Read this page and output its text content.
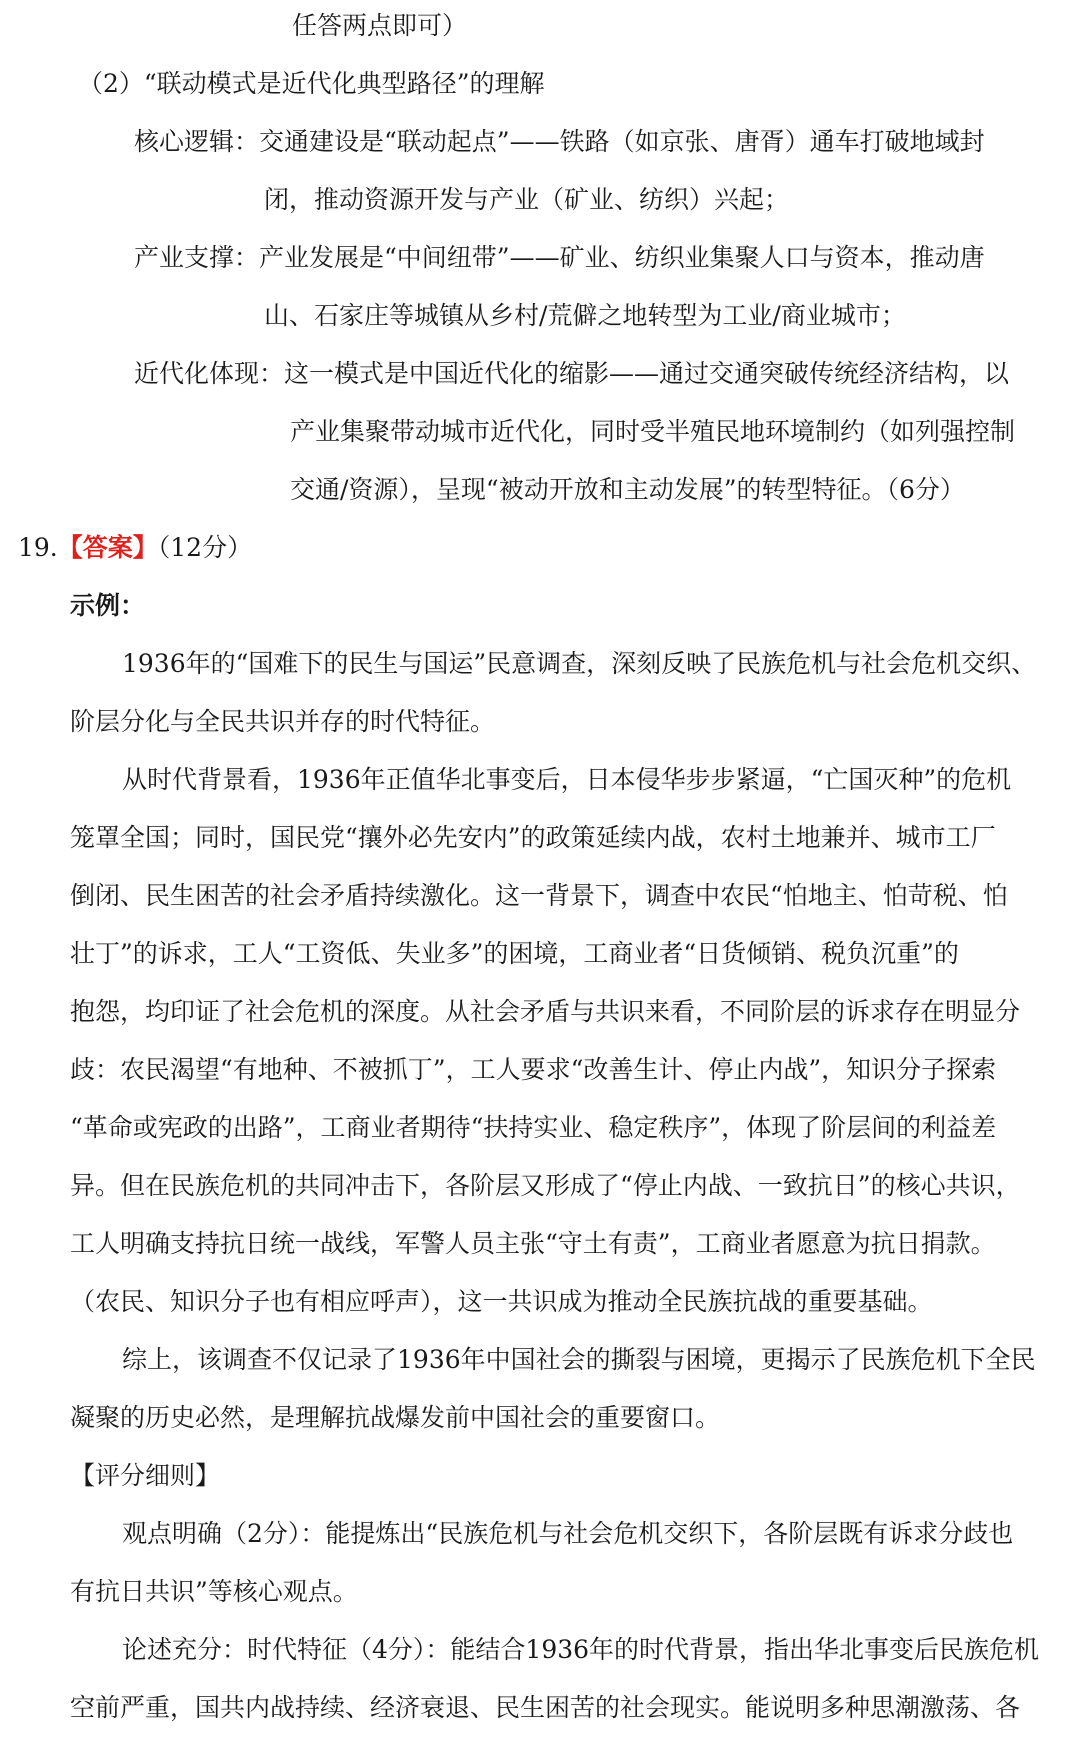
任答两点即可）
（2）“联动模式是近代化典型路径”的理解
核心逻辑：交通建设是“联动起点”——铁路（如京张、唐胥）通车打破地域封
闭，推动资源开发与产业（矿业、纺织）兴起；
产业支撑：产业发展是“中间纽带”——矿业、纺织业集聚人口与资本，推动唐
山、石家庄等城镇从乡村/荒僻之地转型为工业/商业城市；
近代化体现：这一模式是中国近代化的缩影——通过交通突破传统经济结构，以
产业集聚带动城市近代化，同时受半殖民地环境制约（如列强控制
交通/资源），呈现“被动开放和主动发展”的转型特征。（6分）
19.【答案】（12分）
示例：
1936年的“国难下的民生与国运”民意调查，深刻反映了民族危机与社会危机交织、
阶层分化与全民共识并存的时代特征。
从时代背景看，1936年正值华北事变后，日本侵华步步紧逼，“亡国灭种”的危机
笼罩全国；同时，国民党“攘外必先安内”的政策延续内战，农村土地兼并、城市工厂
倒闭、民生困苦的社会矛盾持续激化。这一背景下，调查中农民“怕地主、怕苛税、怕
壮丁”的诉求，工人“工资低、失业多”的困境，工商业者“日货倾销、税负沉重”的
抱怨，均印证了社会危机的深度。从社会矛盾与共识来看，不同阶层的诉求存在明显分
歧：农民渴望“有地种、不被抓丁”，工人要求“改善生计、停止内战”，知识分子探索
“革命或宪政的出路”，工商业者期待“扶持实业、稳定秩序”，体现了阶层间的利益差
异。但在民族危机的共同冲击下，各阶层又形成了“停止内战、一致抗日”的核心共识，
工人明确支持抗日统一战线，军警人员主张“守土有责”，工商业者愿意为抗日捐款。
（农民、知识分子也有相应呼声），这一共识成为推动全民族抗战的重要基础。
综上，该调查不仅记录了1936年中国社会的撕裂与困境，更揭示了民族危机下全民
凝聚的历史必然，是理解抗战爆发前中国社会的重要窗口。
【评分细则】
观点明确（2分）：能提炼出“民族危机与社会危机交织下，各阶层既有诉求分歧也
有抗日共识”等核心观点。
论述充分：时代特征（4分）：能结合1936年的时代背景，指出华北事变后民族危机
空前严重，国共内战持续、经济衰退、民生困苦的社会现实。能说明多种思潮激荡、各
